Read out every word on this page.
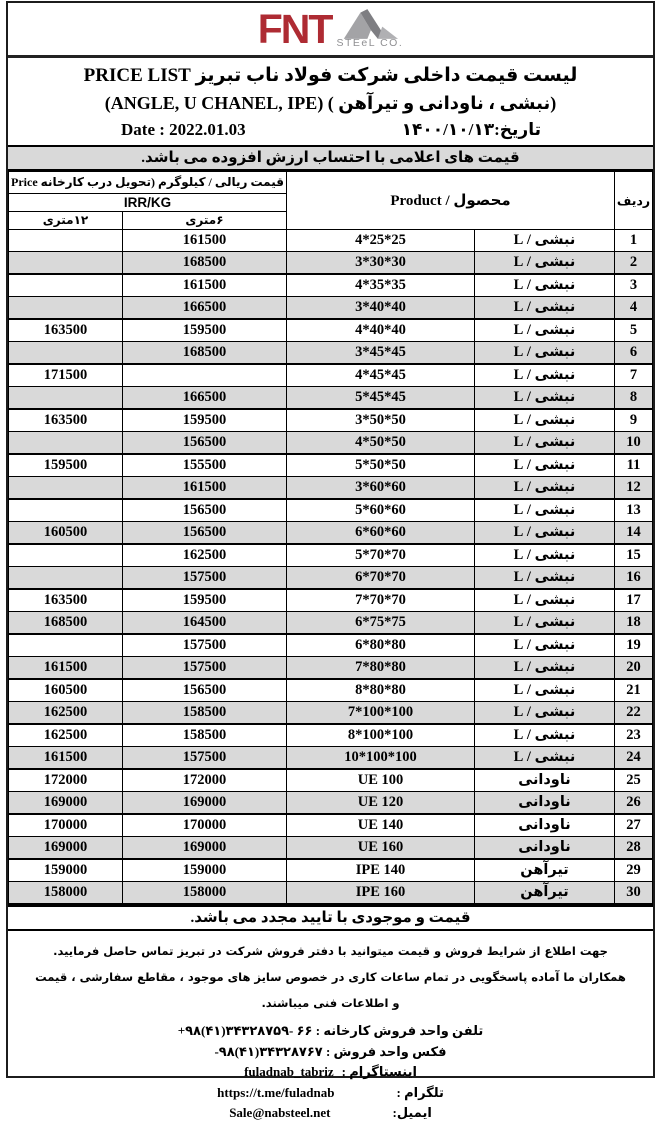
FNT STEeL CO.
لیست قیمت داخلی شرکت فولاد ناب تبریز PRICE LIST
(نبشی ، ناودانی و تیرآهن ) (ANGLE, U CHANEL, IPE)
Date : 2022.01.03	تاریخ:۱۴۰۰/۱۰/۱۳
قیمت های اعلامی با احتساب ارزش افزوده می باشد.
ردیف	محصول / Product		قیمت ریالی / کیلوگرم (تحویل درب کارخانه Price	
			IRR/KG	
			۶متری	۱۲متری
1	نبشی / L	25*25*4	161500	
2	نبشی / L	30*30*3	168500	
3	نبشی / L	35*35*4	161500	
4	نبشی / L	40*40*3	166500	
5	نبشی / L	40*40*4	159500	163500
6	نبشی / L	45*45*3	168500	
7	نبشی / L	45*45*4		171500
8	نبشی / L	45*45*5	166500	
9	نبشی / L	50*50*3	159500	163500
10	نبشی / L	50*50*4	156500	
11	نبشی / L	50*50*5	155500	159500
12	نبشی / L	60*60*3	161500	
13	نبشی / L	60*60*5	156500	
14	نبشی / L	60*60*6	156500	160500
15	نبشی / L	70*70*5	162500	
16	نبشی / L	70*70*6	157500	
17	نبشی / L	70*70*7	159500	163500
18	نبشی / L	75*75*6	164500	168500
19	نبشی / L	80*80*6	157500	
20	نبشی / L	80*80*7	157500	161500
21	نبشی / L	80*80*8	156500	160500
22	نبشی / L	100*100*7	158500	162500
23	نبشی / L	100*100*8	158500	162500
24	نبشی / L	100*100*10	157500	161500
25	ناودانی	UE 100	172000	172000
26	ناودانی	UE 120	169000	169000
27	ناودانی	UE 140	170000	170000
28	ناودانی	UE 160	169000	169000
29	تیرآهن	IPE 140	159000	159000
30	تیرآهن	IPE 160	158000	158000
قیمت و موجودی با تایید مجدد می باشد.

جهت اطلاع از شرایط فروش و قیمت میتوانید با دفتر فروش شرکت در تبریز تماس حاصل فرمایید. همکاران ما آماده پاسخگویی در تمام ساعات کاری در خصوص سایز های موجود ، مقاطع سفارشی ، قیمت و اطلاعات فنی میباشند.

تلفن واحد فروش کارخانه : ۶۶ -۳۴۳۲۸۷۵۹(۴۱)۹۸+
فکس واحد فروش : ۳۴۳۲۸۷۶۷(۴۱)۹۸-
اینستاگرام :
fuladnab_tabriz
تلگرام :
https://t.me/fuladnab
ایمیل:
Sale@nabsteel.net
